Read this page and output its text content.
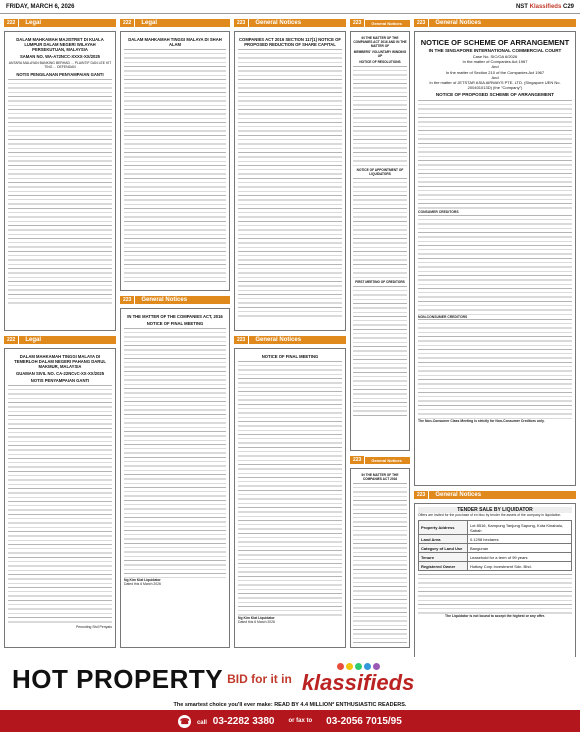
FRIDAY, MARCH 6, 2026	NST Klassifieds C29
222	Legal
DALAM MAHKAMAH MAJISTRET DI KUALA LUMPUR DALAM NEGERI WILAYAH PERSEKUTUAN, MALAYSIA
SAMAN NO. WA-A72NCC-XXXX-XX/2025
ANTARA MALAYAN BANKING BERHAD ... PLAINTIF DAN LEE KIT TING ... DEFENDAN
NOTIS PENGILANAN PENYAMPAIAN GANTI
222	Legal
DALAM MAHKAMAH TINGGI MALAYA DI TEMERLOH DALAM NEGERI PAHANG DARUL MAKMUR, MALAYSIA
GUAMAN SIVIL NO. CA-22NCvC-XX-XX/2025
NOTIS PENYAMPAIAN GANTI
Perunding Sivil Penyatu
222	Legal
DALAM MAHKAMAH TINGGI MALAYA DI SHAH ALAM
223	General Notices
IN THE MATTER OF THE COMPANIES ACT, 2016
NOTICE OF FINAL MEETING
Ng Kim Kiat Liquidator
Dated this 6 March 2026
223	General Notices
COMPANIES ACT 2016 SECTION 117(1) NOTICE OF PROPOSED REDUCTION OF SHARE CAPITAL
223	General Notices
NOTICE OF FINAL MEETING
Ng Kim Kiat Liquidator
Dated this 6 March 2026
223	General Notices
IN THE MATTER OF THE COMPANIES ACT 2016 AND IN THE MATTER OF
MEMBERS' VOLUNTARY WINDING UP
NOTICE OF RESOLUTIONS
NOTICE OF APPOINTMENT OF LIQUIDATORS
FIRST MEETING OF CREDITORS
223	General Notices
IN THE MATTER OF THE COMPANIES ACT 2016
223	General Notices
NOTICE OF SCHEME OF ARRANGEMENT
IN THE SINGAPORE INTERNATIONAL COMMERCIAL COURT
Case No. SIC/OA 6/2026
In the matter of Companies Act 1967
And
In the matter of Section 210 of the Companies Act 1967
And
In the matter of JETSTAR ASIA AIRWAYS PTE. LTD. (Singapore UEN No. 200401013D) (the "Company")
NOTICE OF PROPOSED SCHEME OF ARRANGEMENT
CONSUMER CREDITORS
NON-CONSUMER CREDITORS
The Non-Consumer Class Meeting is strictly for Non-Consumer Creditors only.
223	General Notices
TENDER SALE BY LIQUIDATOR
Offers are invited for the purchase of en bloc by tender the assets of the company in liquidation.
Property Address	Lot 8516, Kampung Tanjung Sapong, Kota Kinabalu, Sabah
Land Area	0.1298 hectares
Category of Land Use	Bangunan
Tenure	Leasehold for a term of 99 years
Registered Owner	Hotbay Corp Investment Sdn. Bhd.
The Liquidator is not bound to accept the highest or any offer.
HOT PROPERTY BID for it in klassifieds
The smartest choice you'll ever make: READ BY 4.4 MILLION* ENTHUSIASTIC READERS.
☎ call 03-2282 3380 or fax to 03-2056 7015/95
